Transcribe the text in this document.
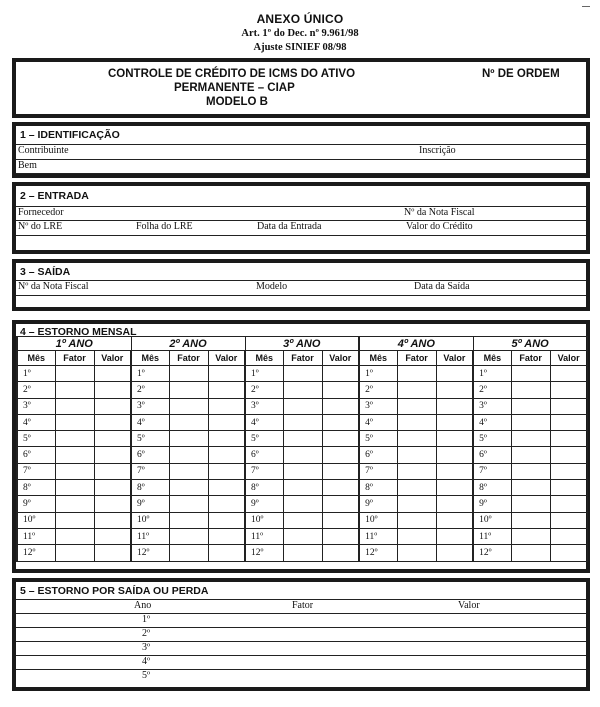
ANEXO ÚNICO
Art. 1º do Dec. nº 9.961/98
Ajuste SINIEF 08/98
CONTROLE DE CRÉDITO DE ICMS DO ATIVO
PERMANENTE – CIAP
MODELO B
Nº DE ORDEM
1 – IDENTIFICAÇÃO
Contribuinte	Inscrição
Bem
2 – ENTRADA
Fornecedor	Nº da Nota Fiscal
Nº do LRE	Folha do LRE	Data da Entrada	Valor do Crédito
3 – SAÍDA
Nº da Nota Fiscal	Modelo	Data da Saída
4 – ESTORNO MENSAL
1º ANO			2º ANO			3º ANO			4º ANO			5º ANO		
Mês	Fator	Valor	Mês	Fator	Valor	Mês	Fator	Valor	Mês	Fator	Valor	Mês	Fator	Valor
1º			1º			1º			1º			1º		
2º			2º			2º			2º			2º		
3º			3º			3º			3º			3º		
4º			4º			4º			4º			4º		
5º			5º			5º			5º			5º		
6º			6º			6º			6º			6º		
7º			7º			7º			7º			7º		
8º			8º			8º			8º			8º		
9º			9º			9º			9º			9º		
10º			10º			10º			10º			10º		
11º			11º			11º			11º			11º		
12º			12º			12º			12º			12º		
5 – ESTORNO POR SAÍDA OU PERDA
Ano	Fator	Valor
1º
2º
3º
4º
5º
